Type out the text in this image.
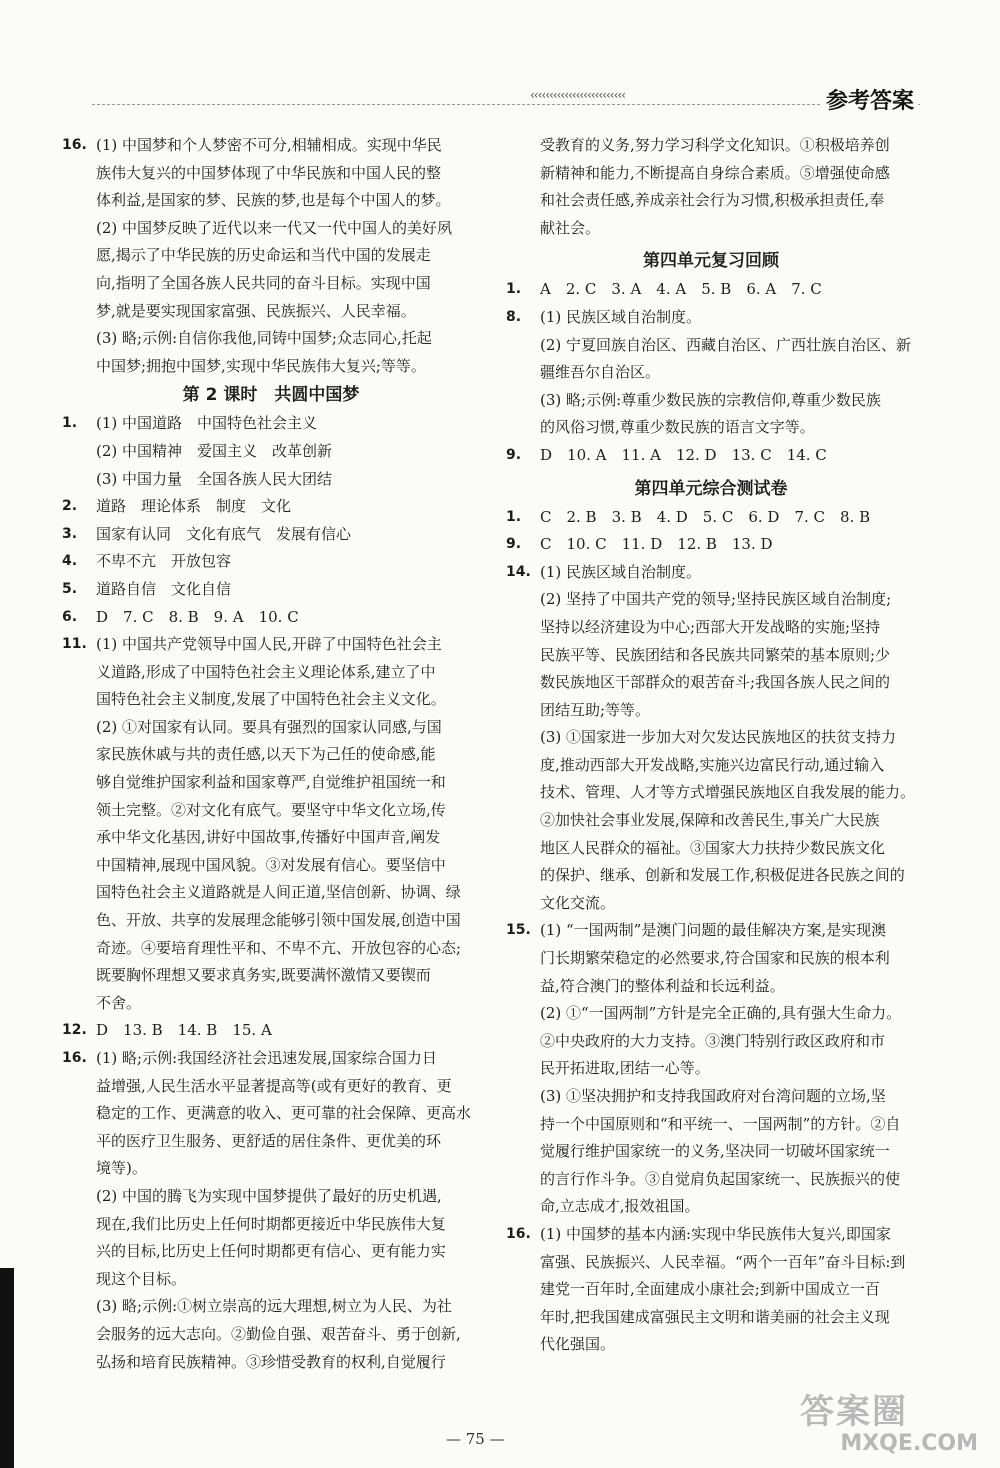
‹‹‹‹‹‹‹‹‹‹‹‹‹‹‹‹‹‹‹‹‹‹‹‹‹	参考答案
16. (1) 中国梦和个人梦密不可分,相辅相成。实现中华民
族伟大复兴的中国梦体现了中华民族和中国人民的整
体利益,是国家的梦、民族的梦,也是每个中国人的梦。
(2) 中国梦反映了近代以来一代又一代中国人的美好夙
愿,揭示了中华民族的历史命运和当代中国的发展走
向,指明了全国各族人民共同的奋斗目标。实现中国
梦,就是要实现国家富强、民族振兴、人民幸福。
(3) 略;示例:自信你我他,同铸中国梦;众志同心,托起
中国梦;拥抱中国梦,实现中华民族伟大复兴;等等。
第 2 课时　共圆中国梦
1. (1) 中国道路　中国特色社会主义
(2) 中国精神　爱国主义　改革创新
(3) 中国力量　全国各族人民大团结
2. 道路　理论体系　制度　文化
3. 国家有认同　文化有底气　发展有信心
4. 不卑不亢　开放包容
5. 道路自信　文化自信
6. D　7. C　8. B　9. A　10. C
11. (1) 中国共产党领导中国人民,开辟了中国特色社会主
义道路,形成了中国特色社会主义理论体系,建立了中
国特色社会主义制度,发展了中国特色社会主义文化。
(2) ①对国家有认同。要具有强烈的国家认同感,与国
家民族休戚与共的责任感,以天下为己任的使命感,能
够自觉维护国家利益和国家尊严,自觉维护祖国统一和
领土完整。②对文化有底气。要坚守中华文化立场,传
承中华文化基因,讲好中国故事,传播好中国声音,阐发
中国精神,展现中国风貌。③对发展有信心。要坚信中
国特色社会主义道路就是人间正道,坚信创新、协调、绿
色、开放、共享的发展理念能够引领中国发展,创造中国
奇迹。④要培育理性平和、不卑不亢、开放包容的心态;
既要胸怀理想又要求真务实,既要满怀激情又要锲而
不舍。
12. D　13. B　14. B　15. A
16. (1) 略;示例:我国经济社会迅速发展,国家综合国力日
益增强,人民生活水平显著提高等(或有更好的教育、更
稳定的工作、更满意的收入、更可靠的社会保障、更高水
平的医疗卫生服务、更舒适的居住条件、更优美的环
境等)。
(2) 中国的腾飞为实现中国梦提供了最好的历史机遇,
现在,我们比历史上任何时期都更接近中华民族伟大复
兴的目标,比历史上任何时期都更有信心、更有能力实
现这个目标。
(3) 略;示例:①树立崇高的远大理想,树立为人民、为社
会服务的远大志向。②勤俭自强、艰苦奋斗、勇于创新,
弘扬和培育民族精神。③珍惜受教育的权利,自觉履行
受教育的义务,努力学习科学文化知识。①积极培养创
新精神和能力,不断提高自身综合素质。⑤增强使命感
和社会责任感,养成亲社会行为习惯,积极承担责任,奉
献社会。
第四单元复习回顾
1. A　2. C　3. A　4. A　5. B　6. A　7. C
8. (1) 民族区域自治制度。
(2) 宁夏回族自治区、西藏自治区、广西壮族自治区、新
疆维吾尔自治区。
(3) 略;示例:尊重少数民族的宗教信仰,尊重少数民族
的风俗习惯,尊重少数民族的语言文字等。
9. D　10. A　11. A　12. D　13. C　14. C
第四单元综合测试卷
1. C　2. B　3. B　4. D　5. C　6. D　7. C　8. B
9. C　10. C　11. D　12. B　13. D
14. (1) 民族区域自治制度。
(2) 坚持了中国共产党的领导;坚持民族区域自治制度;
坚持以经济建设为中心;西部大开发战略的实施;坚持
民族平等、民族团结和各民族共同繁荣的基本原则;少
数民族地区干部群众的艰苦奋斗;我国各族人民之间的
团结互助;等等。
(3) ①国家进一步加大对欠发达民族地区的扶贫支持力
度,推动西部大开发战略,实施兴边富民行动,通过输入
技术、管理、人才等方式增强民族地区自我发展的能力。
②加快社会事业发展,保障和改善民生,事关广大民族
地区人民群众的福祉。③国家大力扶持少数民族文化
的保护、继承、创新和发展工作,积极促进各民族之间的
文化交流。
15. (1) “一国两制”是澳门问题的最佳解决方案,是实现澳
门长期繁荣稳定的必然要求,符合国家和民族的根本利
益,符合澳门的整体利益和长远利益。
(2) ①“一国两制”方针是完全正确的,具有强大生命力。
②中央政府的大力支持。③澳门特别行政区政府和市
民开拓进取,团结一心等。
(3) ①坚决拥护和支持我国政府对台湾问题的立场,坚
持一个中国原则和“和平统一、一国两制”的方针。②自
觉履行维护国家统一的义务,坚决同一切破坏国家统一
的言行作斗争。③自觉肩负起国家统一、民族振兴的使
命,立志成才,报效祖国。
16. (1) 中国梦的基本内涵:实现中华民族伟大复兴,即国家
富强、民族振兴、人民幸福。“两个一百年”奋斗目标:到
建党一百年时,全面建成小康社会;到新中国成立一百
年时,把我国建成富强民主文明和谐美丽的社会主义现
代化强国。
— 75 —
答案圈
MXQE.COM
